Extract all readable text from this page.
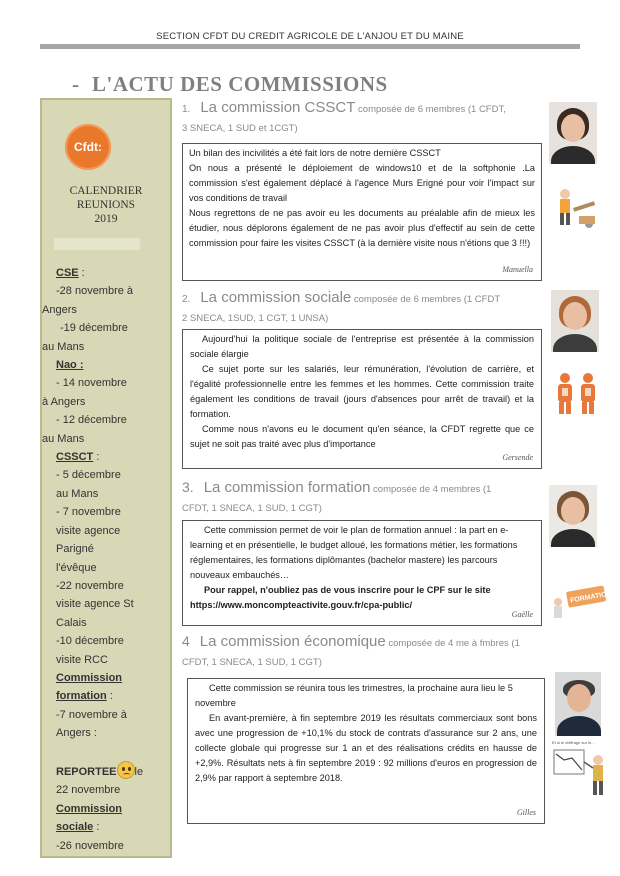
SECTION CFDT DU CREDIT AGRICOLE DE L'ANJOU ET DU MAINE
- L'ACTU DES COMMISSIONS
Cfdt:
CALENDRIER
REUNIONS
2019
CSE :
-28 novembre à
Angers
-19 décembre
au Mans
Nao :
- 14 novembre
à Angers
- 12 décembre
au Mans
CSSCT :
- 5 décembre
au Mans
- 7 novembre
visite agence
Parigné
l'évêque
-22 novembre
visite agence St
Calais
-10 décembre
visite RCC
Commission
formation :
-7 novembre à
Angers :

REPORTEE le
22 novembre
Commission
sociale :
-26 novembre
1. La commission CSSCT composée de 6 membres (1 CFDT,
3 SNECA, 1 SUD et 1CGT)

Un bilan des incivilités a été fait lors de notre dernière CSSCT

On nous a présenté le déploiement de windows10 et de la softphonie .La commission s'est également déplacé à l'agence Murs Erigné pour voir l'impact sur vos conditions de travail

Nous regrettons de ne pas avoir eu les documents au préalable afin de mieux les étudier, nous déplorons également de ne pas avoir plus d'effectif au sein de cette commission pour faire les visites CSSCT (à la dernière visite nous n'étions que 3 !!!)

Manuella
2. La commission sociale composée de 6 membres (1 CFDT
2 SNECA, 1SUD, 1 CGT, 1 UNSA)

Aujourd'hui la politique sociale de l'entreprise est présentée à la commission sociale élargie

Ce sujet porte sur les salariés, leur rémunération, l'évolution de carrière, et l'égalité professionnelle entre les femmes et les hommes. Cette commission traite également les conditions de travail (jours d'absences pour arrêt de travail) et la formation.

Comme nous n'avons eu le document qu'en séance, la CFDT regrette que ce sujet ne soit pas traité avec plus d'importance

Gersende
3. La commission formation composée de 4 membres (1
CFDT, 1 SNECA, 1 SUD, 1 CGT)

Cette commission permet de voir le plan de formation annuel : la part en e-learning et en présentielle, le budget alloué, les formations métier, les formations réglementaires, les formations diplômantes (bachelor mastere) les parcours nouveaux embauchés…

Pour rappel, n'oubliez pas de vous inscrire pour le CPF sur le site

https://www.moncompteactivite.gouv.fr/cpa-public/

Gaëlle
4 La commission économique composée de 4 me à fmbres (1
CFDT, 1 SNECA, 1 SUD, 1 CGT)

Cette commission se réunira tous les trimestres, la prochaine aura lieu le 5 novembre

En avant-première, à fin septembre 2019 les résultats commerciaux sont bons avec une progression de +10,1% du stock de contrats d'assurance sur 2 ans, une collecte globale qui progresse sur 1 an et des réalisations crédits en hausse de +2,9%. Résultats nets à fin septembre 2019 : 92 millions d'euros en progression de 2,9% par rapport à septembre 2018.

Gilles
FORMATION
Et si le chiffrage sur le...
